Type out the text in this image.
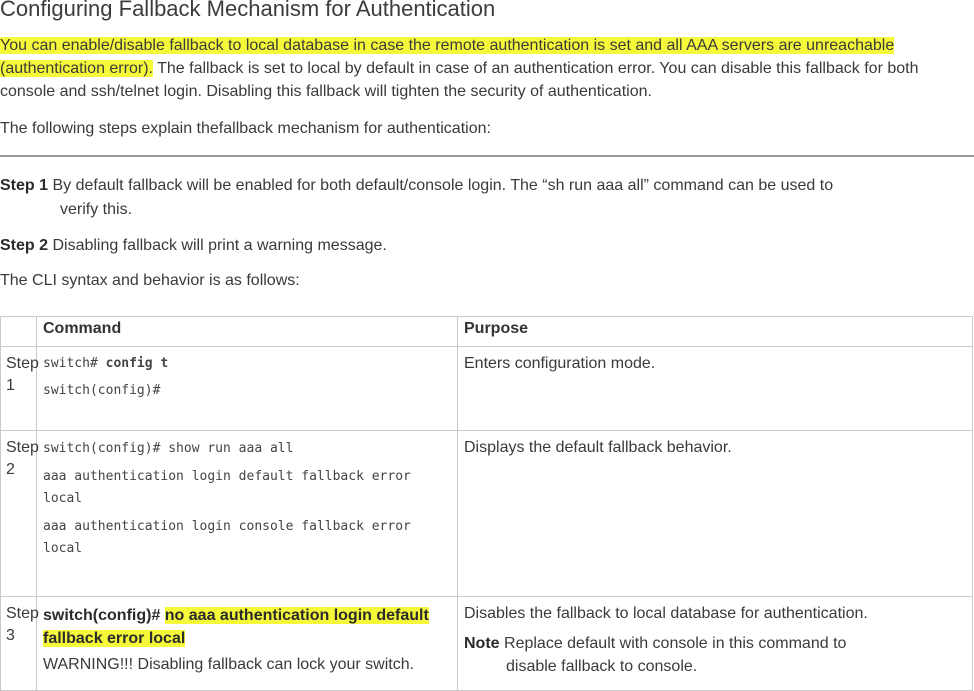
Configuring Fallback Mechanism for Authentication

You can enable/disable fallback to local database in case the remote authentication is set and all AAA servers are unreachable (authentication error). The fallback is set to local by default in case of an authentication error. You can disable this fallback for both console and ssh/telnet login. Disabling this fallback will tighten the security of authentication.

The following steps explain thefallback mechanism for authentication:

Step 1 By default fallback will be enabled for both default/console login. The “sh run aaa all” command can be used to
verify this.

Step 2 Disabling fallback will print a warning message.

The CLI syntax and behavior is as follows:

	Command	Purpose
Step 1	switch# config t
switch(config)#	Enters configuration mode.
Step 2	switch(config)# show run aaa all
aaa authentication login default fallback error local
aaa authentication login console fallback error local	Displays the default fallback behavior.
Step 3	switch(config)# no aaa authentication login default
fallback error local
WARNING!!! Disabling fallback can lock your switch.	Disables the fallback to local database for authentication.
Note Replace default with console in this command to
disable fallback to console.
